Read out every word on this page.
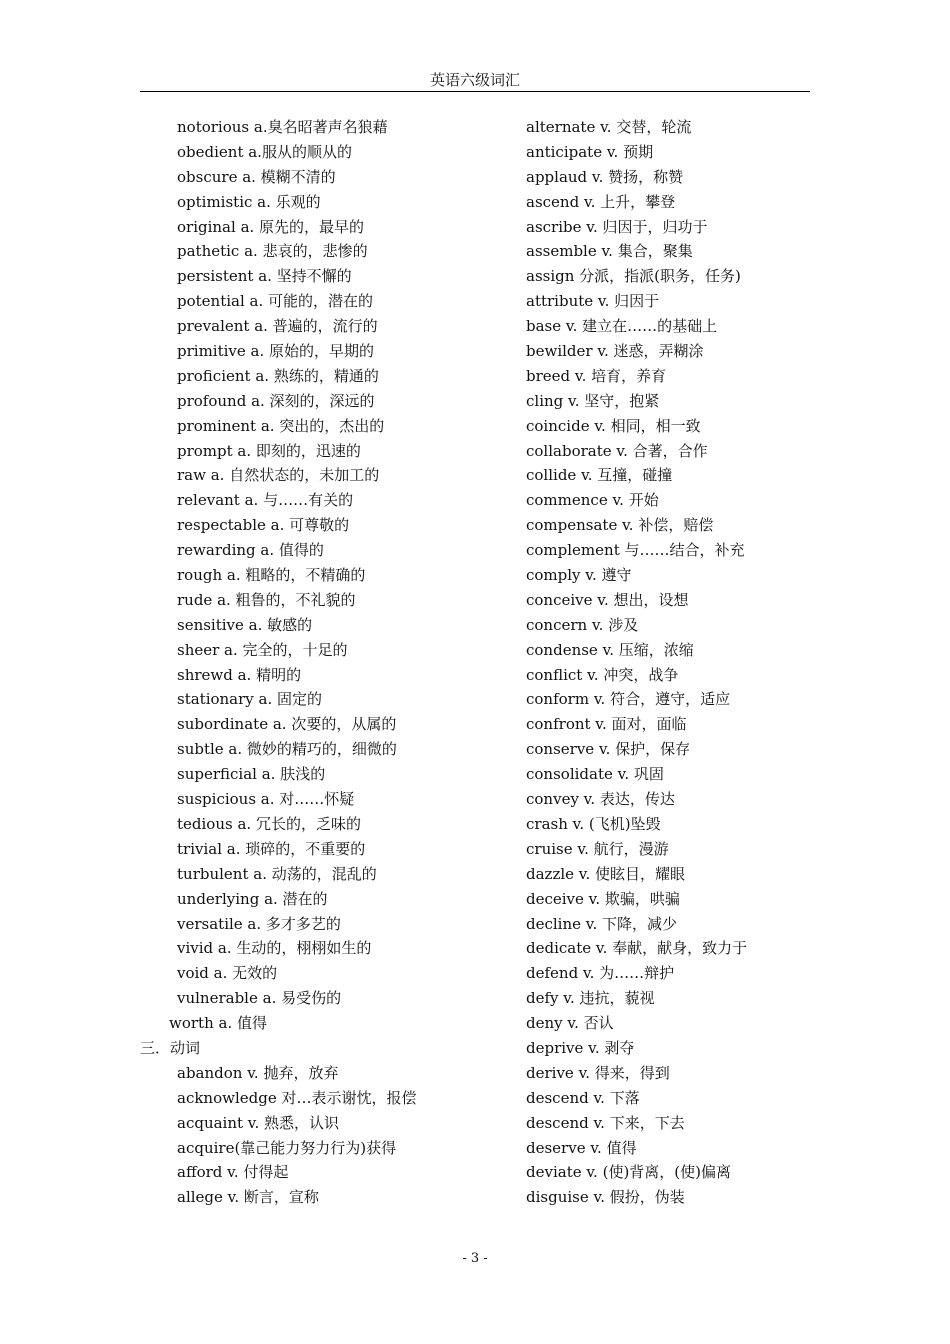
英语六级词汇
notorious a.臭名昭著声名狼藉
obedient a.服从的顺从的
obscure a. 模糊不清的
optimistic a. 乐观的
original a. 原先的，最早的
pathetic a. 悲哀的，悲惨的
persistent a. 坚持不懈的
potential a. 可能的，潜在的
prevalent a. 普遍的，流行的
primitive a. 原始的，早期的
proficient a. 熟练的，精通的
profound a. 深刻的，深远的
prominent a. 突出的，杰出的
prompt a. 即刻的，迅速的
raw a. 自然状态的，未加工的
relevant a. 与……有关的
respectable a. 可尊敬的
rewarding a. 值得的
rough a. 粗略的，不精确的
rude a. 粗鲁的，不礼貌的
sensitive a. 敏感的
sheer a. 完全的，十足的
shrewd a. 精明的
stationary a. 固定的
subordinate a. 次要的，从属的
subtle a. 微妙的精巧的，细微的
superficial a. 肤浅的
suspicious a. 对……怀疑
tedious a. 冗长的，乏味的
trivial a. 琐碎的，不重要的
turbulent a. 动荡的，混乱的
underlying a. 潜在的
versatile a. 多才多艺的
vivid a. 生动的，栩栩如生的
void a. 无效的
vulnerable a. 易受伤的
worth a. 值得
三．动词
abandon v. 抛弃，放弃
acknowledge 对…表示谢忱，报偿
acquaint v. 熟悉，认识
acquire(靠己能力努力行为)获得
afford v. 付得起
allege v. 断言，宣称
alternate v. 交替，轮流
anticipate v. 预期
applaud v. 赞扬，称赞
ascend v. 上升，攀登
ascribe v. 归因于，归功于
assemble v. 集合，聚集
assign 分派，指派(职务，任务)
attribute v. 归因于
base v. 建立在……的基础上
bewilder v. 迷惑，弄糊涂
breed v. 培育，养育
cling v. 坚守，抱紧
coincide v. 相同，相一致
collaborate v. 合著，合作
collide v. 互撞，碰撞
commence v. 开始
compensate v. 补偿，赔偿
complement 与……结合，补充
comply v. 遵守
conceive v. 想出，设想
concern v. 涉及
condense v. 压缩，浓缩
conflict v. 冲突，战争
conform v. 符合，遵守，适应
confront v. 面对，面临
conserve v. 保护，保存
consolidate v. 巩固
convey v. 表达，传达
crash v. (飞机)坠毁
cruise v. 航行，漫游
dazzle v. 使眩目，耀眼
deceive v. 欺骗，哄骗
decline v. 下降，减少
dedicate v. 奉献，献身，致力于
defend v. 为……辩护
defy v. 违抗，藐视
deny v. 否认
deprive v. 剥夺
derive v. 得来，得到
descend v. 下落
descend v. 下来，下去
deserve v. 值得
deviate v. (使)背离，(使)偏离
disguise v. 假扮，伪装
- 3 -
